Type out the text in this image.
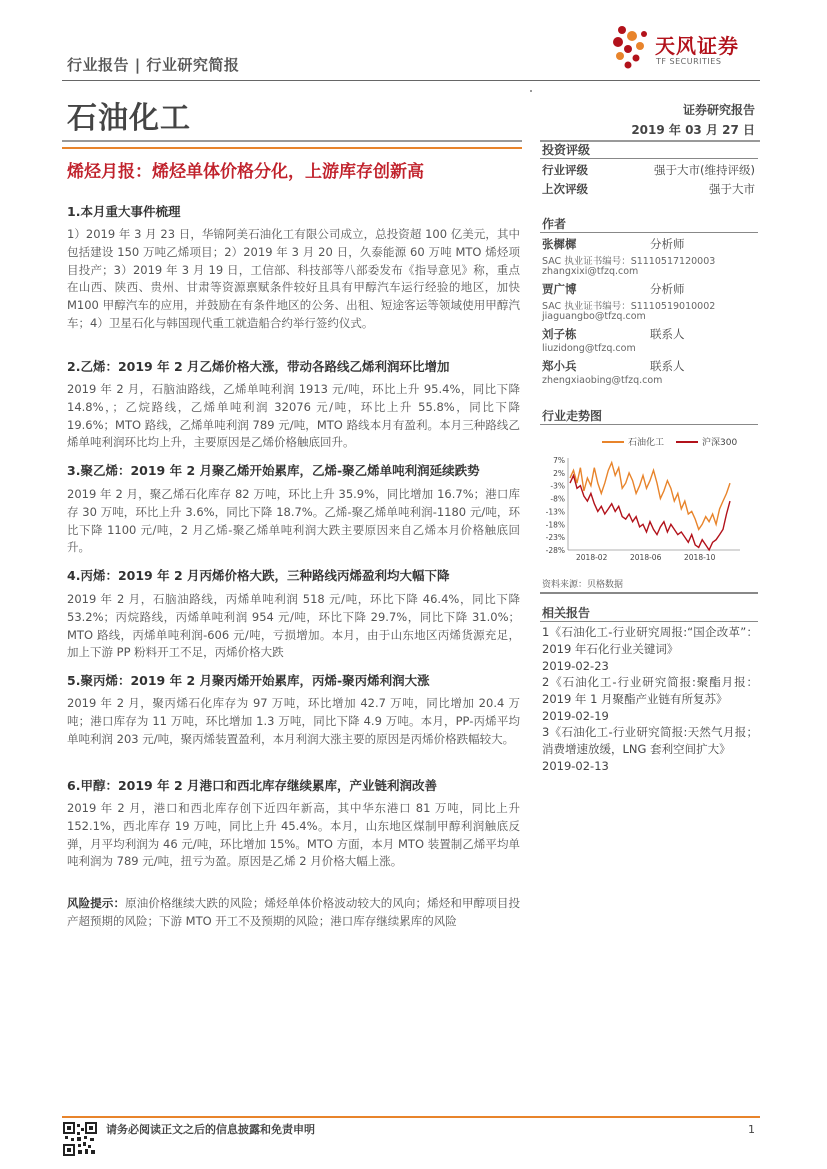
行业报告 | 行业研究简报
天风证券
TF SECURITIES
石油化工	证券研究报告
2019 年 03 月 27 日
烯烃月报：烯烃单体价格分化，上游库存创新高
1.本月重大事件梳理
1）2019 年 3 月 23 日，华锦阿美石油化工有限公司成立，总投资超 100 亿美元，其中包括建设 150 万吨乙烯项目；2）2019 年 3 月 20 日，久泰能源 60 万吨 MTO 烯烃项目投产；3）2019 年 3 月 19 日，工信部、科技部等八部委发布《指导意见》称，重点在山西、陕西、贵州、甘肃等资源禀赋条件较好且具有甲醇汽车运行经验的地区，加快 M100 甲醇汽车的应用，并鼓励在有条件地区的公务、出租、短途客运等领域使用甲醇汽车；4）卫星石化与韩国现代重工就造船合约举行签约仪式。
2.乙烯：2019 年 2 月乙烯价格大涨，带动各路线乙烯利润环比增加
2019 年 2 月，石脑油路线，乙烯单吨利润 1913 元/吨，环比上升 95.4%，同比下降 14.8%，；乙烷路线，乙烯单吨利润 32076 元/吨，环比上升 55.8%，同比下降 19.6%；MTO 路线，乙烯单吨利润 789 元/吨，MTO 路线本月有盈利。本月三种路线乙烯单吨利润环比均上升，主要原因是乙烯价格触底回升。
3.聚乙烯：2019 年 2 月聚乙烯开始累库，乙烯-聚乙烯单吨利润延续跌势
2019 年 2 月，聚乙烯石化库存 82 万吨，环比上升 35.9%，同比增加 16.7%；港口库存 30 万吨，环比上升 3.6%，同比下降 18.7%。乙烯-聚乙烯单吨利润-1180 元/吨，环比下降 1100 元/吨，2 月乙烯-聚乙烯单吨利润大跌主要原因来自乙烯本月价格触底回升。
4.丙烯：2019 年 2 月丙烯价格大跌，三种路线丙烯盈利均大幅下降
2019 年 2 月，石脑油路线，丙烯单吨利润 518 元/吨，环比下降 46.4%，同比下降 53.2%；丙烷路线，丙烯单吨利润 954 元/吨，环比下降 29.7%，同比下降 31.0%；MTO 路线，丙烯单吨利润-606 元/吨，亏损增加。本月，由于山东地区丙烯货源充足，加上下游 PP 粉料开工不足，丙烯价格大跌
5.聚丙烯：2019 年 2 月聚丙烯开始累库，丙烯-聚丙烯利润大涨
2019 年 2 月，聚丙烯石化库存为 97 万吨，环比增加 42.7 万吨，同比增加 20.4 万吨；港口库存为 11 万吨，环比增加 1.3 万吨，同比下降 4.9 万吨。本月，PP-丙烯平均单吨利润 203 元/吨，聚丙烯装置盈利，本月利润大涨主要的原因是丙烯价格跌幅较大。
6.甲醇：2019 年 2 月港口和西北库存继续累库，产业链利润改善
2019 年 2 月，港口和西北库存创下近四年新高，其中华东港口 81 万吨，同比上升 152.1%，西北库存 19 万吨，同比上升 45.4%。本月，山东地区煤制甲醇利润触底反弹，月平均利润为 46 元/吨，环比增加 15%。MTO 方面，本月 MTO 装置制乙烯平均单吨利润为 789 元/吨，扭亏为盈。原因是乙烯 2 月价格大幅上涨。
风险提示：原油价格继续大跌的风险；烯烃单体价格波动较大的风向；烯烃和甲醇项目投产超预期的风险；下游 MTO 开工不及预期的风险；港口库存继续累库的风险
投资评级
行业评级	强于大市(维持评级)
上次评级	强于大市
作者
张樨樨	分析师
SAC 执业证书编号：S1110517120003
zhangxixi@tfzq.com
贾广博	分析师
SAC 执业证书编号：S1110519010002
jiaguangbo@tfzq.com
刘子栋	联系人
liuzidong@tfzq.com
郑小兵	联系人
zhengxiaobing@tfzq.com
行业走势图
石油化工	沪深300
7%
2%
-3%
-8%
-13%
-18%
-23%
-28%
2018-02	2018-06	2018-10
资料来源：贝格数据
相关报告
1《石油化工-行业研究周报:“国企改革”：2019 年石化行业关键词》
2019-02-23
2《石油化工-行业研究简报:聚酯月报：2019 年 1 月聚酯产业链有所复苏》
2019-02-19
3《石油化工-行业研究简报:天然气月报；消费增速放缓，LNG 套利空间扩大》
2019-02-13
请务必阅读正文之后的信息披露和免责申明	1
